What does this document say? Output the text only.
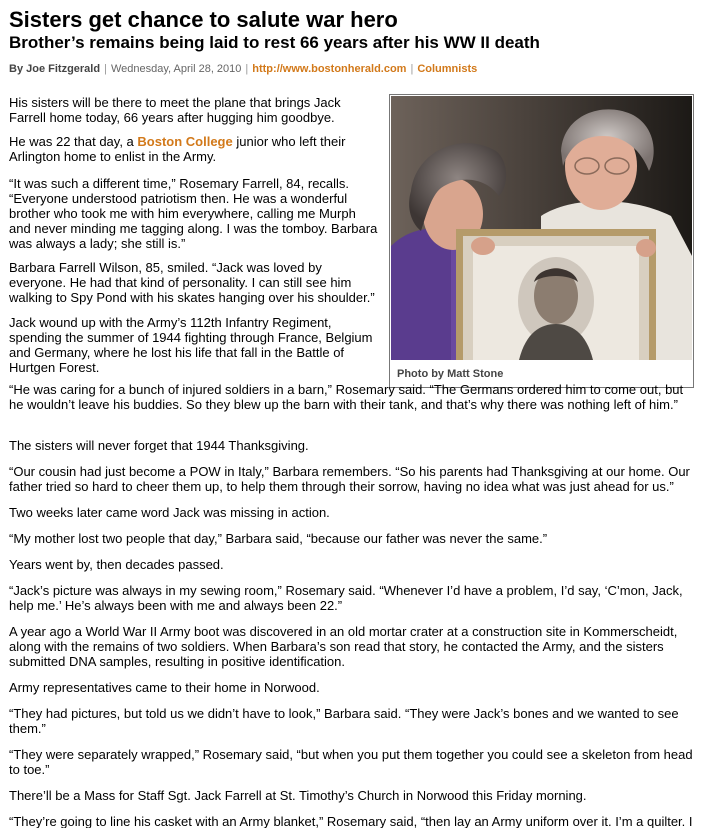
Sisters get chance to salute war hero
Brother’s remains being laid to rest 66 years after his WW II death
By Joe Fitzgerald | Wednesday, April 28, 2010 | http://www.bostonherald.com | Columnists
Photo by Matt Stone

His sisters will be there to meet the plane that brings Jack Farrell home today, 66 years after hugging him goodbye.

He was 22 that day, a Boston College junior who left their Arlington home to enlist in the Army.

“It was such a different time,” Rosemary Farrell, 84, recalls. “Everyone understood patriotism then. He was a wonderful brother who took me with him everywhere, calling me Murph and never minding me tagging along. I was the tomboy. Barbara was always a lady; she still is.”

Barbara Farrell Wilson, 85, smiled. “Jack was loved by everyone. He had that kind of personality. I can still see him walking to Spy Pond with his skates hanging over his shoulder.”

Jack wound up with the Army’s 112th Infantry Regiment, spending the summer of 1944 fighting through France, Belgium and Germany, where he lost his life that fall in the Battle of Hurtgen Forest.

“He was caring for a bunch of injured soldiers in a barn,” Rosemary said. “The Germans ordered him to come out, but he wouldn’t leave his buddies. So they blew up the barn with their tank, and that’s why there was nothing left of him.”

The sisters will never forget that 1944 Thanksgiving.

“Our cousin had just become a POW in Italy,” Barbara remembers. “So his parents had Thanksgiving at our home. Our father tried so hard to cheer them up, to help them through their sorrow, having no idea what was just ahead for us.”

Two weeks later came word Jack was missing in action.

“My mother lost two people that day,” Barbara said, “because our father was never the same.”

Years went by, then decades passed.

“Jack’s picture was always in my sewing room,” Rosemary said. “Whenever I’d have a problem, I’d say, ‘C’mon, Jack, help me.’ He’s always been with me and always been 22.”

A year ago a World War II Army boot was discovered in an old mortar crater at a construction site in Kommerscheidt, along with the remains of two soldiers. When Barbara’s son read that story, he contacted the Army, and the sisters submitted DNA samples, resulting in positive identification.

Army representatives came to their home in Norwood.

“They had pictures, but told us we didn’t have to look,” Barbara said. “They were Jack’s bones and we wanted to see them.”

“They were separately wrapped,” Rosemary said, “but when you put them together you could see a skeleton from head to toe.”

There’ll be a Mass for Staff Sgt. Jack Farrell at St. Timothy’s Church in Norwood this Friday morning.

“They’re going to line his casket with an Army blanket,” Rosemary said, “then lay an Army uniform over it. I’m a quilter. I
